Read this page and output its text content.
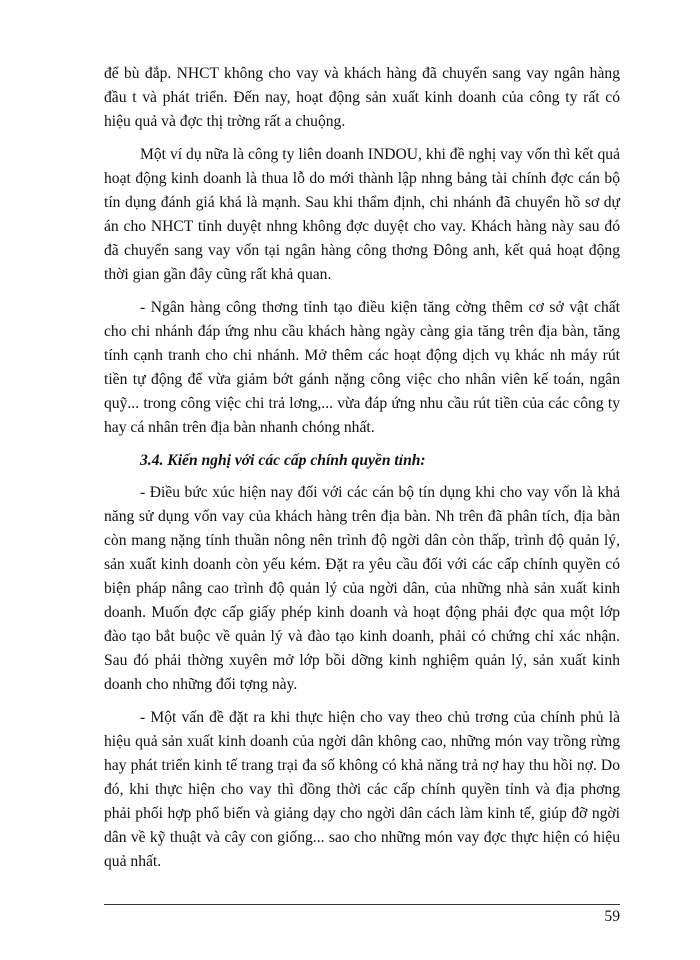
để bù đắp. NHCT không cho vay và khách hàng đã chuyển sang vay ngân hàng đầu t và phát triển. Đến nay, hoạt động sản xuất kinh doanh của công ty rất có hiệu quả và đợc thị trờng rất a chuộng.

Một ví dụ nữa là công ty liên doanh INDOU, khi đề nghị vay vốn thì kết quả hoạt động kinh doanh là thua lỗ do mới thành lập nhng bảng tài chính đợc cán bộ tín dụng đánh giá khá là mạnh. Sau khi thẩm định, chi nhánh đã chuyển hồ sơ dự án cho NHCT tỉnh duyệt nhng không đợc duyệt cho vay. Khách hàng này sau đó đã chuyển sang vay vốn tại ngân hàng công thơng Đông anh, kết quả hoạt động thời gian gần đây cũng rất khả quan.

- Ngân hàng công thơng tỉnh tạo điều kiện tăng cờng thêm cơ sở vật chất cho chi nhánh đáp ứng nhu cầu khách hàng ngày càng gia tăng trên địa bàn, tăng tính cạnh tranh cho chi nhánh. Mở thêm các hoạt động dịch vụ khác nh máy rút tiền tự động để vừa giảm bớt gánh nặng công việc cho nhân viên kế toán, ngân quỹ... trong công việc chi trả lơng,... vừa đáp ứng nhu cầu rút tiền của các công ty hay cá nhân trên địa bàn nhanh chóng nhất.

3.4. Kiến nghị với các cấp chính quyền tỉnh:

- Điều bức xúc hiện nay đối với các cán bộ tín dụng khi cho vay vốn là khả năng sử dụng vốn vay của khách hàng trên địa bàn. Nh trên đã phân tích, địa bàn còn mang nặng tính thuần nông nên trình độ ngời dân còn thấp, trình độ quản lý, sản xuất kinh doanh còn yếu kém. Đặt ra yêu cầu đối với các cấp chính quyền có biện pháp nâng cao trình độ quản lý của ngời dân, của những nhà sản xuất kinh doanh. Muốn đợc cấp giấy phép kinh doanh và hoạt động phải đợc qua một lớp đào tạo bắt buộc về quản lý và đào tạo kinh doanh, phải có chứng chỉ xác nhận. Sau đó phải thờng xuyên mở lớp bồi dỡng kinh nghiệm quản lý, sản xuất kinh doanh cho những đối tợng này.

- Một vấn đề đặt ra khi thực hiện cho vay theo chủ trơng của chính phủ là hiệu quả sản xuất kinh doanh của ngời dân không cao, những món vay trồng rừng hay phát triển kinh tế trang trại đa số không có khả năng trả nợ hay thu hồi nợ. Do đó, khi thực hiện cho vay thì đồng thời các cấp chính quyền tỉnh và địa phơng phải phối hợp phổ biến và giảng dạy cho ngời dân cách làm kinh tế, giúp đỡ ngời dân về kỹ thuật và cây con giống... sao cho những món vay đợc thực hiện có hiệu quả nhất.

59
